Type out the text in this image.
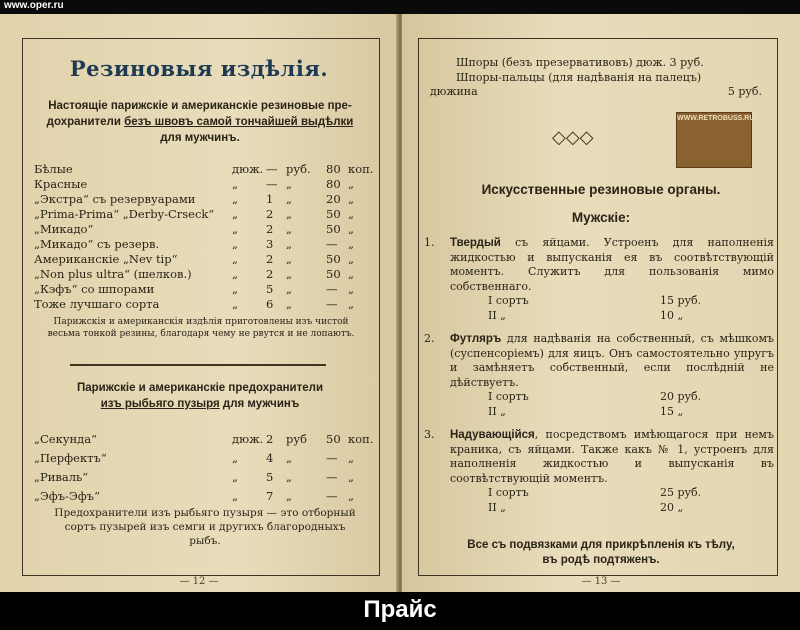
www.oper.ru
Резиновыя издѣлія.
Настоящіе парижскіе и американскіе резиновые пре-
дохранители безъ швовъ самой тончайшей выдѣлки
для мужчинъ.
Бѣлые	дюж. — руб. 80 коп.
Красные	„ — „	80 „
„Экстра“ съ резервуарами	„ 1 „	20 „
„Prima-Prima“ „Derby-Crseck“ „ 2 „	50 „
„Микадо“	„ 2 „	50 „
„Микадо“ съ резерв.	„ 3 „	— „
Американскіе „Nev tip“	„ 2 „	50 „
„Non plus ultra“ (шелков.)	„ 2 „	50 „
„Кэфъ“ со шпорами	„ 5 „	— „
Тоже лучшаго сорта	„ 6 „	— „
Парижскія и американскія издѣлія приготовлены изъ чистой весьма тонкой резины, благодаря чему не рвутся и не лопаютъ.
Парижскіе и американскіе предохранители
изъ рыбьяго пузыря для мужчинъ
„Секунда“	дюж. 2 руб 50 коп.
„Перфектъ“	„ 4 „	— „
„Риваль“	„ 5 „	— „
„Эфъ-Эфъ“	„ 7 „	— „
Предохранители изъ рыбьяго пузыря — это отборный сортъ пузырей изъ семги и другихъ благородныхъ рыбъ.
— 12 —
Шпоры (безъ презервативовъ) дюж. 3 руб.
Шпоры-пальцы (для надѣванія на палецъ)
дюжина	5 руб.
◇◇◇
WWW.RETROBUSS.RU
Искусственные резиновые органы.
Мужскіе:
1. Твердый съ яйцами. Устроенъ для наполненія жидкостью и выпусканія ея въ соотвѣтствующій моментъ. Служитъ для пользованія мимо собственнаго.
I сортъ	15 руб.
II „	10 „
2. Футляръ для надѣванія на собственный, съ мѣшкомъ (суспенсоріемъ) для яицъ. Онъ самостоятельно упругъ и замѣняетъ собственный, если послѣдній не дѣйствуетъ.
I сортъ	20 руб.
II „	15 „
3. Надувающійся, посредствомъ имѣющагося при немъ краника, съ яйцами. Также какъ № 1, устроенъ для наполненія жидкостью и выпусканія въ соотвѣтствующій моментъ.
I сортъ	25 руб.
II „	20 „
Все съ подвязками для прикрѣпленія къ тѣлу,
въ родѣ подтяженъ.
— 13 —
Прайс
